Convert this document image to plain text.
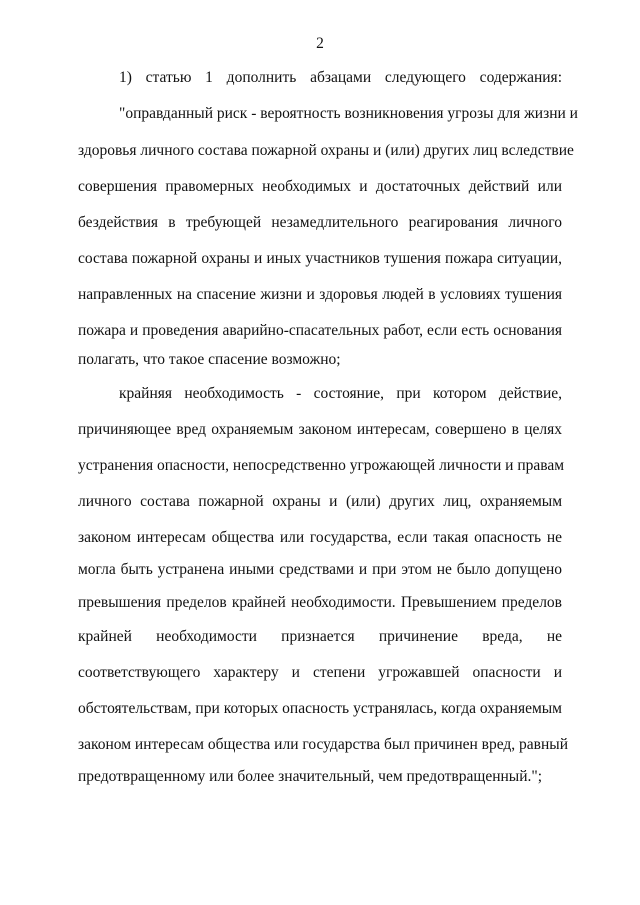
2
1) статью 1 дополнить абзацами следующего содержания:
"оправданный риск - вероятность возникновения угрозы для жизни и
здоровья личного состава пожарной охраны и (или) других лиц вследствие
совершения правомерных необходимых и достаточных действий или
бездействия в требующей незамедлительного реагирования личного
состава пожарной охраны и иных участников тушения пожара ситуации,
направленных на спасение жизни и здоровья людей в условиях тушения
пожара и проведения аварийно-спасательных работ, если есть основания
полагать, что такое спасение возможно;
крайняя необходимость - состояние, при котором действие,
причиняющее вред охраняемым законом интересам, совершено в целях
устранения опасности, непосредственно угрожающей личности и правам
личного состава пожарной охраны и (или) других лиц, охраняемым
законом интересам общества или государства, если такая опасность не
могла быть устранена иными средствами и при этом не было допущено
превышения пределов крайней необходимости. Превышением пределов
крайней необходимости признается причинение вреда, не
соответствующего характеру и степени угрожавшей опасности и
обстоятельствам, при которых опасность устранялась, когда охраняемым
законом интересам общества или государства был причинен вред, равный
предотвращенному или более значительный, чем предотвращенный.";
